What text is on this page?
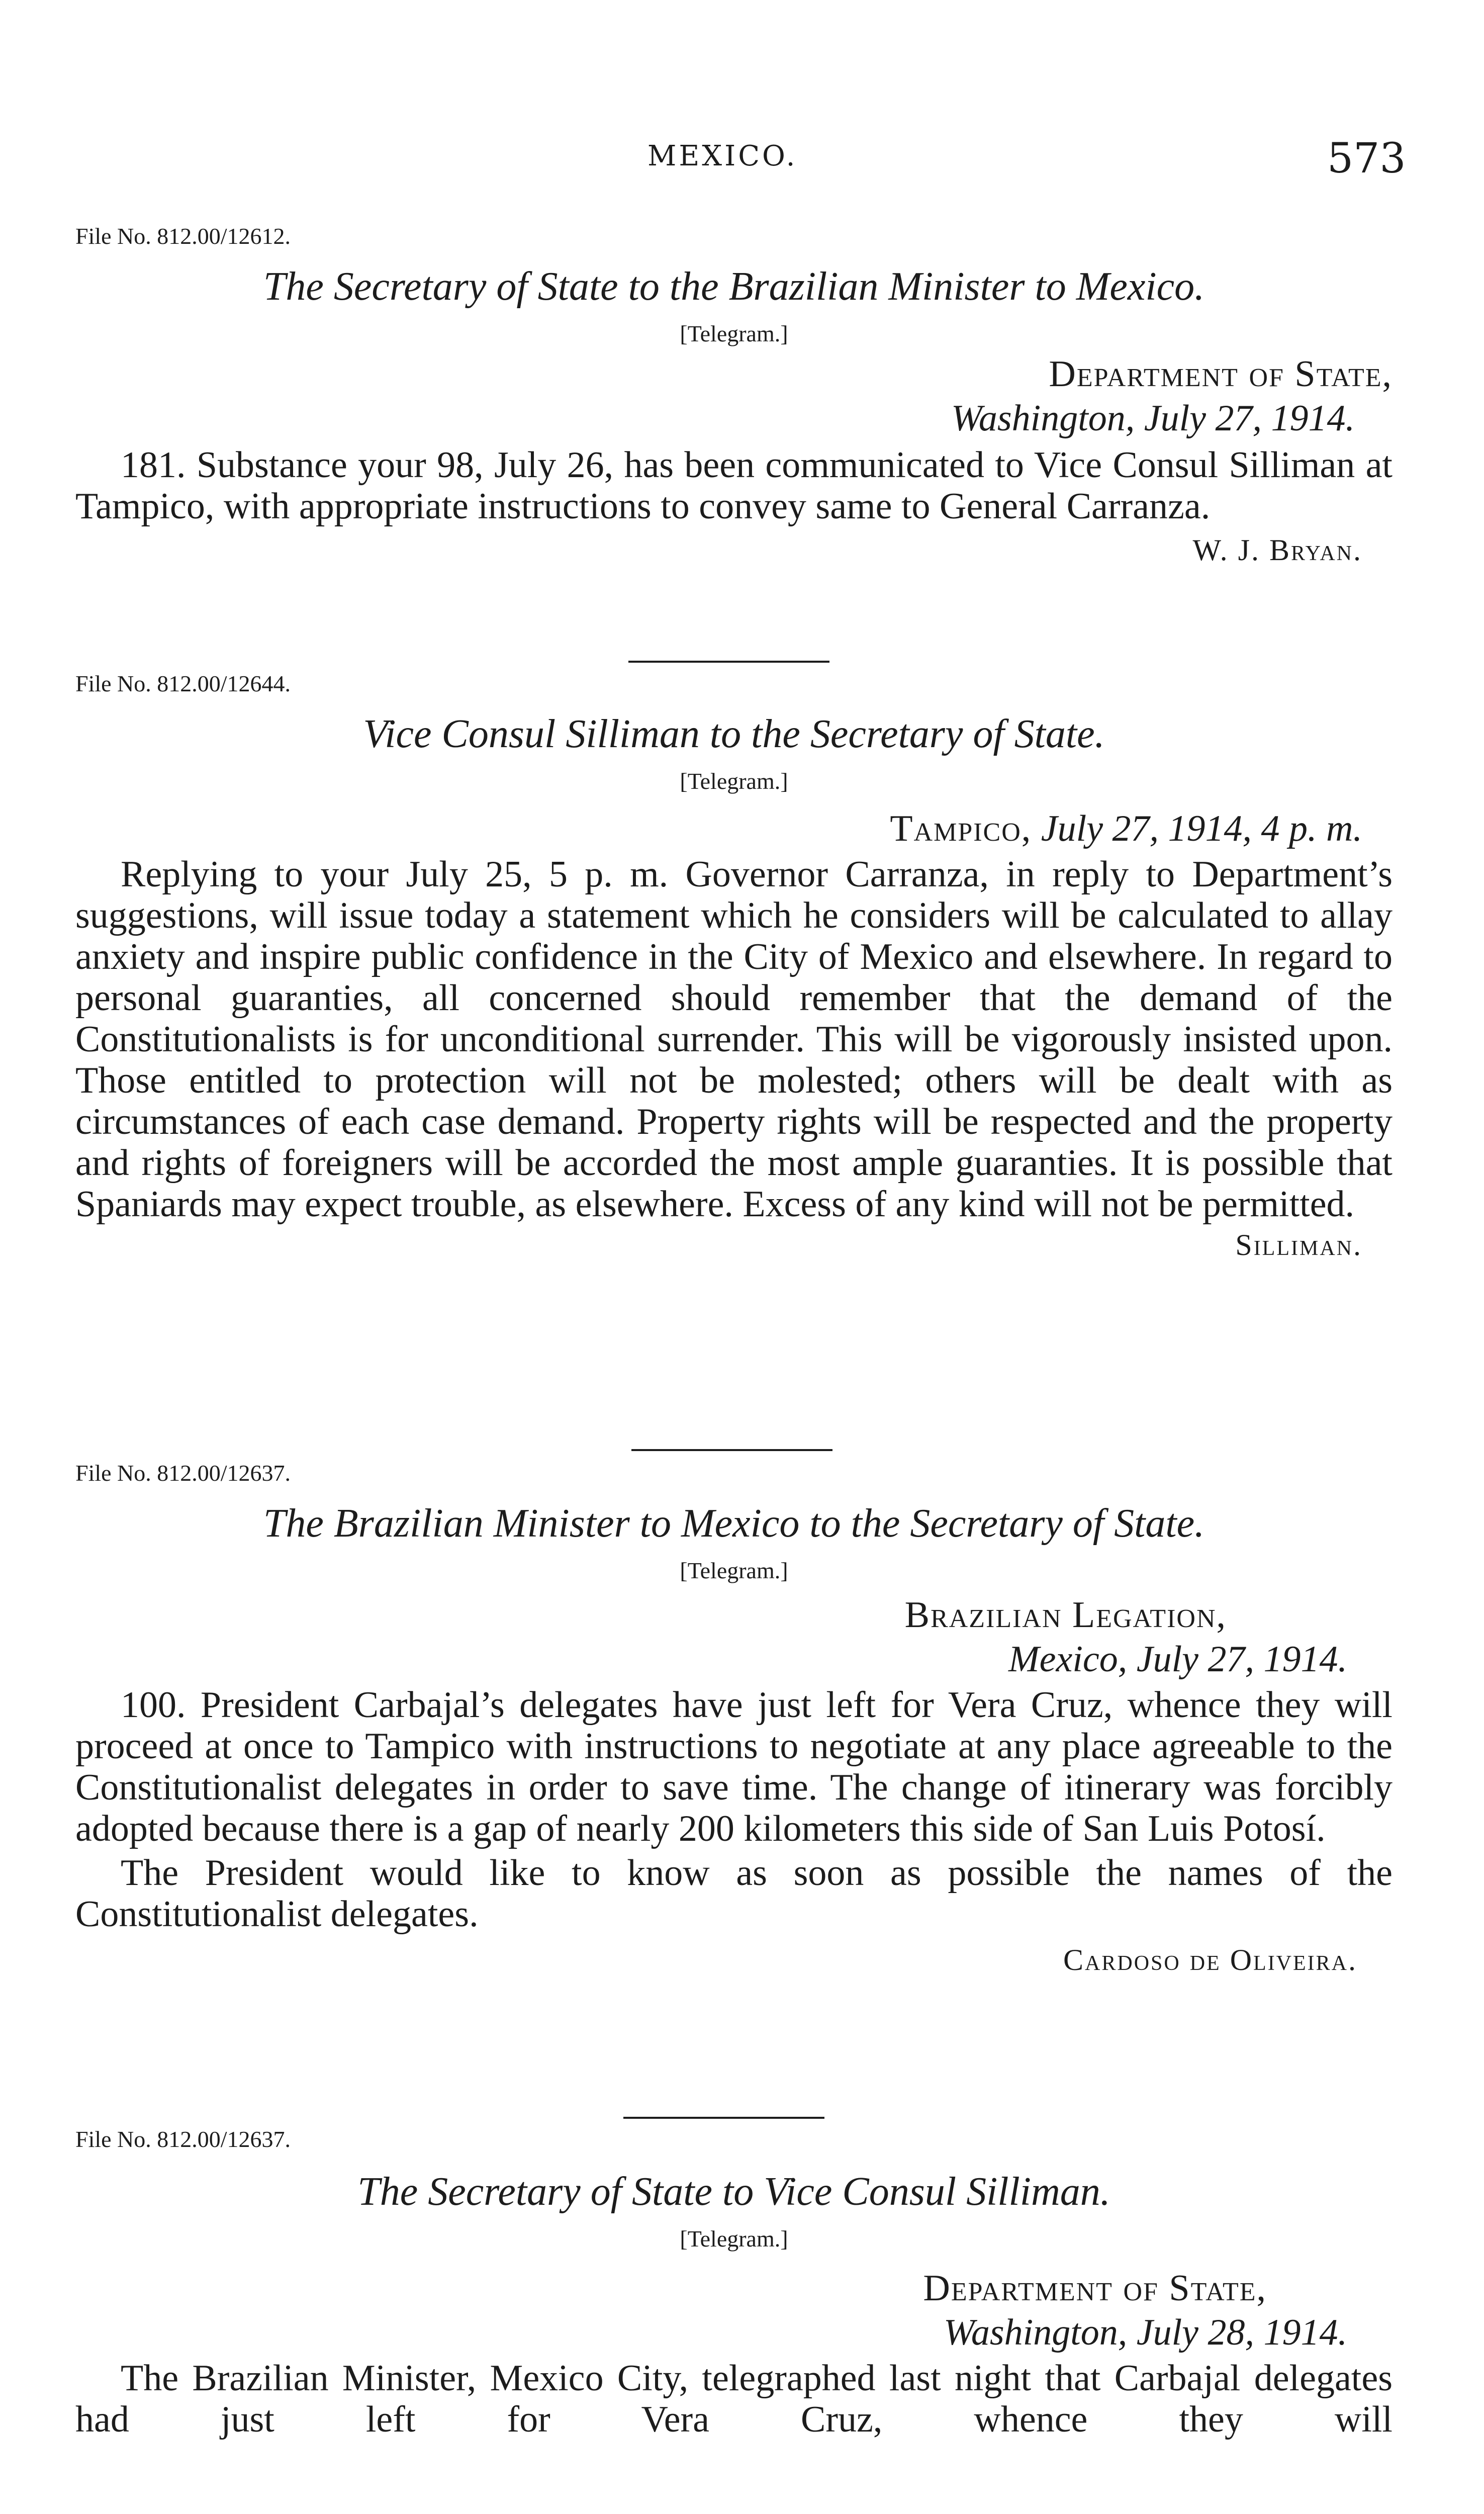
MEXICO.	573

File No. 812.00/12612.

The Secretary of State to the Brazilian Minister to Mexico.

[Telegram.]

Department of State,

Washington, July 27, 1914.

181. Substance your 98, July 26, has been communicated to Vice Consul Silliman at Tampico, with appropriate instructions to convey same to General Carranza.

W. J. Bryan.

File No. 812.00/12644.

Vice Consul Silliman to the Secretary of State.

[Telegram.]

Tampico, July 27, 1914, 4 p. m.

Replying to your July 25, 5 p. m. Governor Carranza, in reply to Department’s suggestions, will issue today a statement which he considers will be calculated to allay anxiety and inspire public confidence in the City of Mexico and elsewhere. In regard to personal guaranties, all concerned should remember that the demand of the Constitutionalists is for unconditional surrender. This will be vigorously insisted upon. Those entitled to protection will not be molested; others will be dealt with as circumstances of each case demand. Property rights will be respected and the property and rights of foreigners will be accorded the most ample guaranties. It is possible that Spaniards may expect trouble, as elsewhere. Excess of any kind will not be permitted.

Silliman.

File No. 812.00/12637.

The Brazilian Minister to Mexico to the Secretary of State.

[Telegram.]

Brazilian Legation,

Mexico, July 27, 1914.

100. President Carbajal’s delegates have just left for Vera Cruz, whence they will proceed at once to Tampico with instructions to negotiate at any place agreeable to the Constitutionalist delegates in order to save time. The change of itinerary was forcibly adopted because there is a gap of nearly 200 kilometers this side of San Luis Potosí.

The President would like to know as soon as possible the names of the Constitutionalist delegates.

Cardoso de Oliveira.

File No. 812.00/12637.

The Secretary of State to Vice Consul Silliman.

[Telegram.]

Department of State,

Washington, July 28, 1914.

The Brazilian Minister, Mexico City, telegraphed last night that Carbajal delegates had just left for Vera Cruz, whence they will
